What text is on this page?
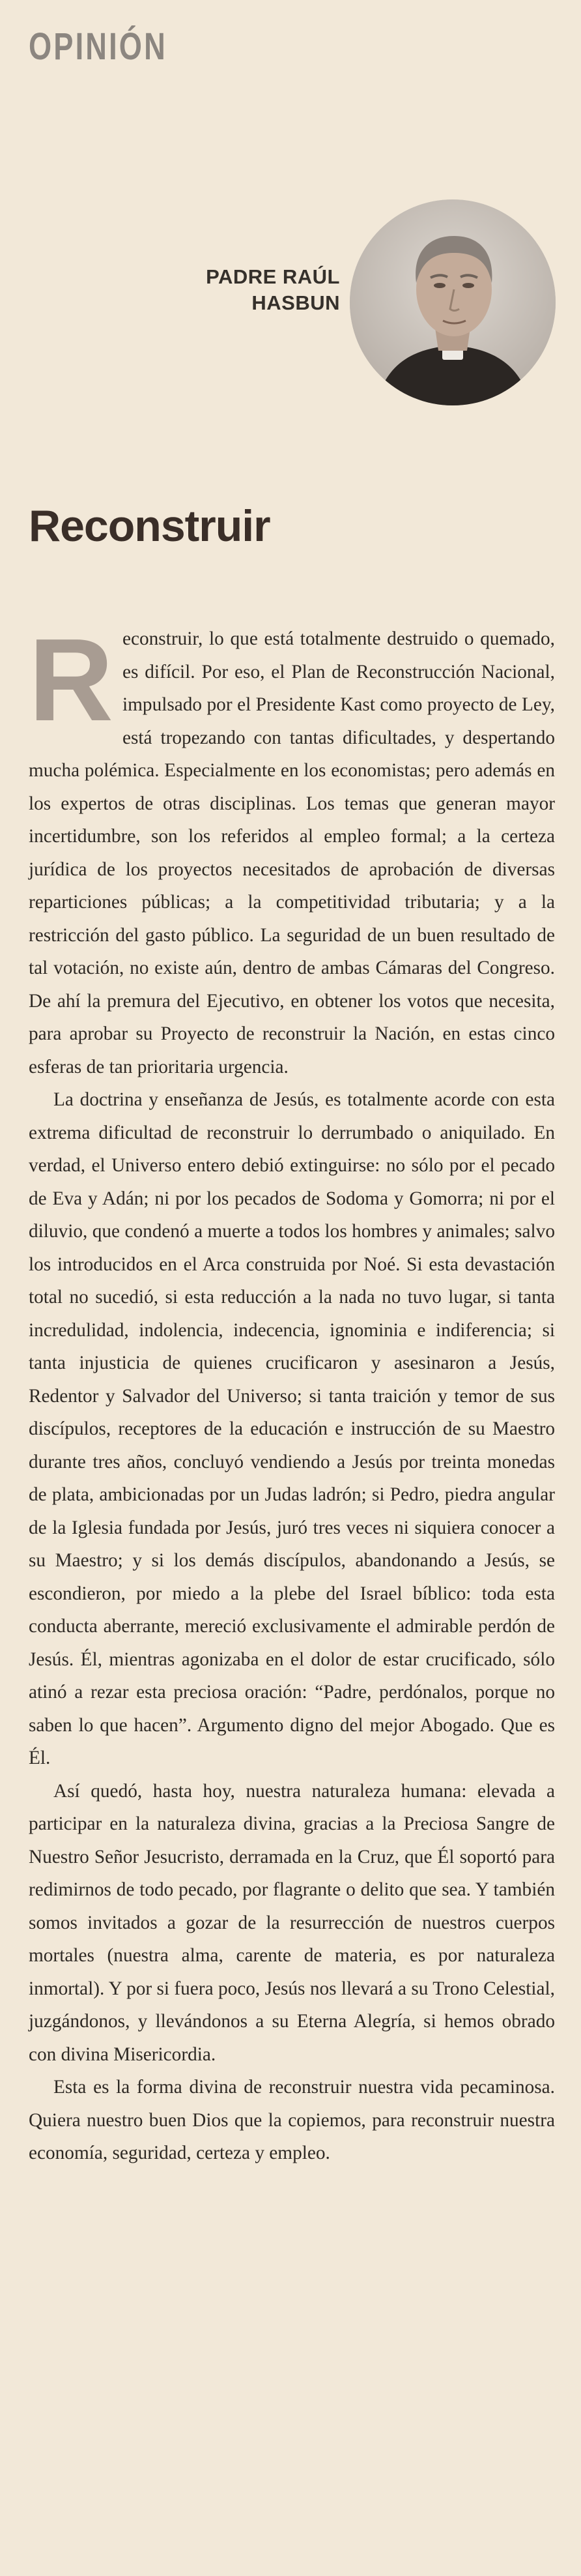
OPINIÓN
PADRE RAÚL
HASBUN
Reconstruir

Reconstruir, lo que está totalmente destruido o quemado, es difícil. Por eso, el Plan de Reconstrucción Nacional, impulsado por el Presidente Kast como proyecto de Ley, está tropezando con tantas dificultades, y despertando mucha polémica. Especialmente en los economistas; pero además en los expertos de otras disciplinas. Los temas que generan mayor incertidumbre, son los referidos al empleo formal; a la certeza jurídica de los proyectos necesitados de aprobación de diversas reparticiones públicas; a la competitividad tributaria; y a la restricción del gasto público. La seguridad de un buen resultado de tal votación, no existe aún, dentro de ambas Cámaras del Congreso. De ahí la premura del Ejecutivo, en obtener los votos que necesita, para aprobar su Proyecto de reconstruir la Nación, en estas cinco esferas de tan prioritaria urgencia.

La doctrina y enseñanza de Jesús, es totalmente acorde con esta extrema dificultad de reconstruir lo derrumbado o aniquilado. En verdad, el Universo entero debió extinguirse: no sólo por el pecado de Eva y Adán; ni por los pecados de Sodoma y Gomorra; ni por el diluvio, que condenó a muerte a todos los hombres y animales; salvo los introducidos en el Arca construida por Noé. Si esta devastación total no sucedió, si esta reducción a la nada no tuvo lugar, si tanta incredulidad, indolencia, indecencia, ignominia e indiferencia; si tanta injusticia de quienes crucificaron y asesinaron a Jesús, Redentor y Salvador del Universo; si tanta traición y temor de sus discípulos, receptores de la educación e instrucción de su Maestro durante tres años, concluyó vendiendo a Jesús por treinta monedas de plata, ambicionadas por un Judas ladrón; si Pedro, piedra angular de la Iglesia fundada por Jesús, juró tres veces ni siquiera conocer a su Maestro; y si los demás discípulos, abandonando a Jesús, se escondieron, por miedo a la plebe del Israel bíblico: toda esta conducta aberrante, mereció exclusivamente el admirable perdón de Jesús. Él, mientras agonizaba en el dolor de estar crucificado, sólo atinó a rezar esta preciosa oración: “Padre, perdónalos, porque no saben lo que hacen”. Argumento digno del mejor Abogado. Que es Él.

Así quedó, hasta hoy, nuestra naturaleza humana: elevada a participar en la naturaleza divina, gracias a la Preciosa Sangre de Nuestro Señor Jesucristo, derramada en la Cruz, que Él soportó para redimirnos de todo pecado, por flagrante o delito que sea. Y también somos invitados a gozar de la resurrección de nuestros cuerpos mortales (nuestra alma, carente de materia, es por naturaleza inmortal). Y por si fuera poco, Jesús nos llevará a su Trono Celestial, juzgándonos, y llevándonos a su Eterna Alegría, si hemos obrado con divina Misericordia.

Esta es la forma divina de reconstruir nuestra vida pecaminosa. Quiera nuestro buen Dios que la copiemos, para reconstruir nuestra economía, seguridad, certeza y empleo.
